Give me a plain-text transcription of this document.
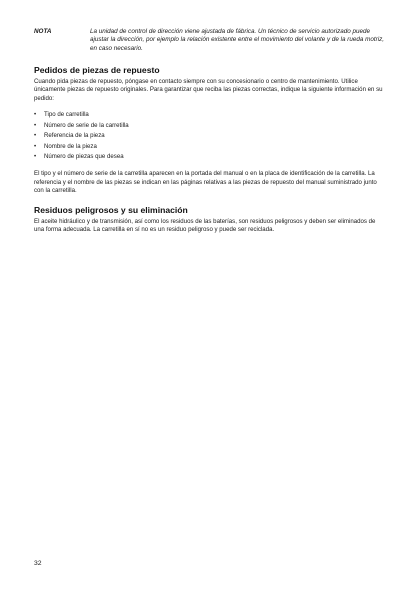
NOTA	La unidad de control de dirección viene ajustada de fábrica. Un técnico de servicio autorizado puede ajustar la dirección, por ejemplo la relación existente entre el movimiento del volante y de la rueda motriz, en caso necesario.
Pedidos de piezas de repuesto

Cuando pida piezas de repuesto, póngase en contacto siempre con su concesionario o centro de mantenimiento. Utilice únicamente piezas de repuesto originales. Para garantizar que reciba las piezas correctas, indique la siguiente información en su pedido:

•	Tipo de carretilla
•	Número de serie de la carretilla
•	Referencia de la pieza
•	Nombre de la pieza
•	Número de piezas que desea

El tipo y el número de serie de la carretilla aparecen en la portada del manual o en la placa de identificación de la carretilla. La referencia y el nombre de las piezas se indican en las páginas relativas a las piezas de repuesto del manual suministrado junto con la carretilla.

Residuos peligrosos y su eliminación

El aceite hidráulico y de transmisión, así como los residuos de las baterías, son residuos peligrosos y deben ser eliminados de una forma adecuada. La carretilla en sí no es un residuo peligroso y puede ser reciclada.

32
